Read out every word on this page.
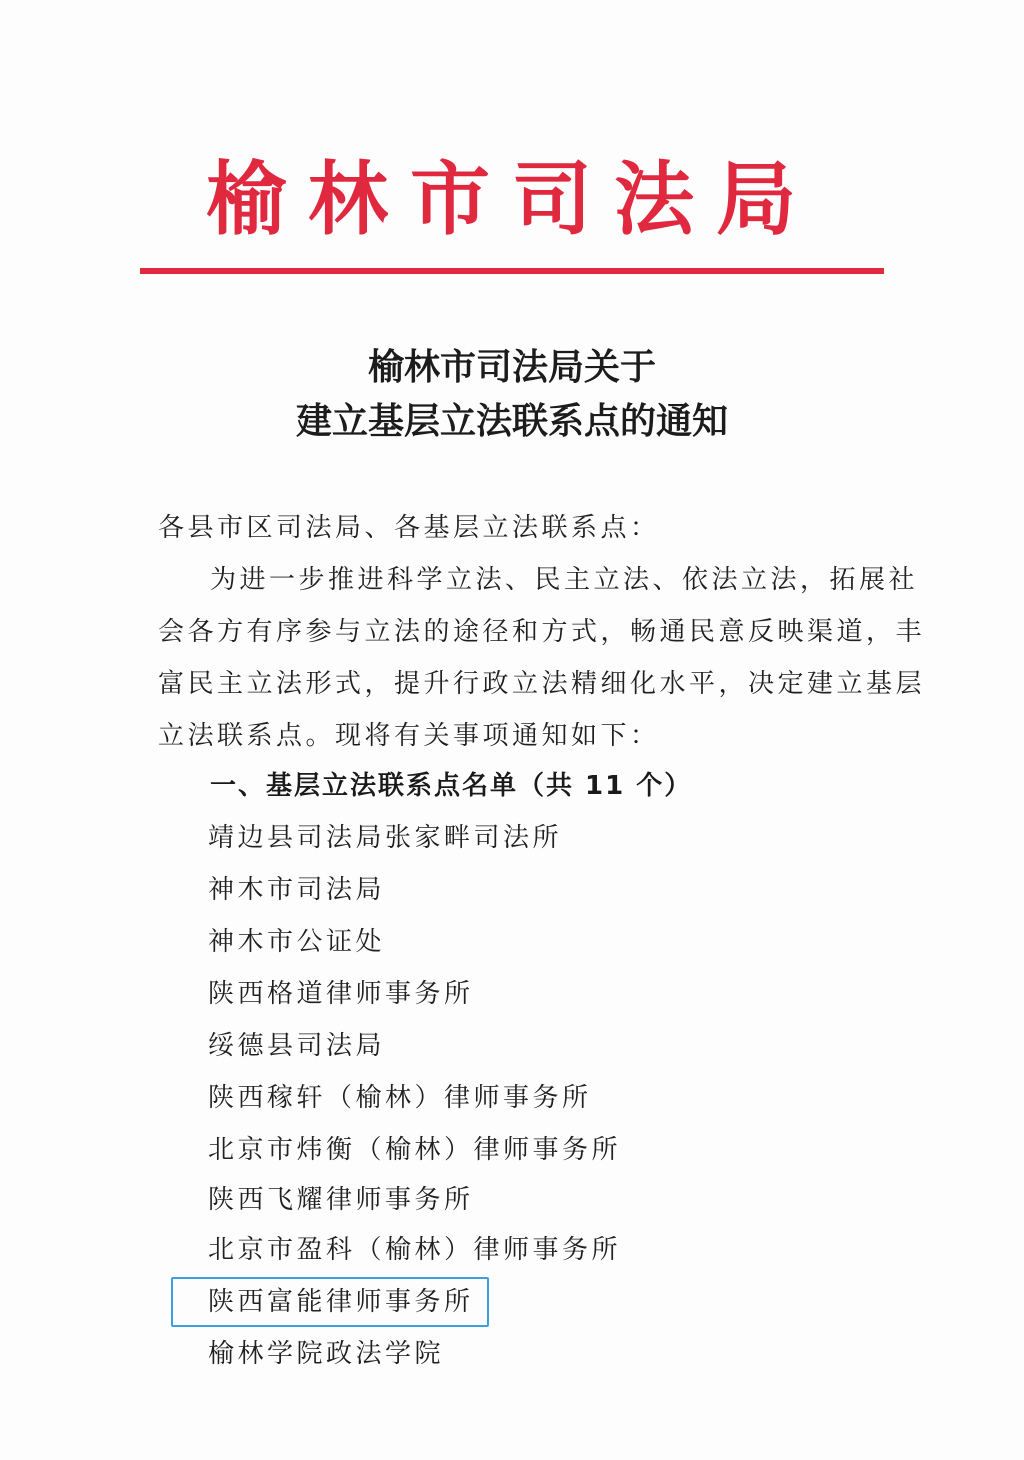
榆林市司法局
榆林市司法局关于
建立基层立法联系点的通知
各县市区司法局、各基层立法联系点：
为进一步推进科学立法、民主立法、依法立法，拓展社
会各方有序参与立法的途径和方式，畅通民意反映渠道，丰
富民主立法形式，提升行政立法精细化水平，决定建立基层
立法联系点。现将有关事项通知如下：
一、基层立法联系点名单（共 11 个）
靖边县司法局张家畔司法所
神木市司法局
神木市公证处
陕西格道律师事务所
绥德县司法局
陕西稼轩（榆林）律师事务所
北京市炜衡（榆林）律师事务所
陕西飞耀律师事务所
北京市盈科（榆林）律师事务所
陕西富能律师事务所
榆林学院政法学院
